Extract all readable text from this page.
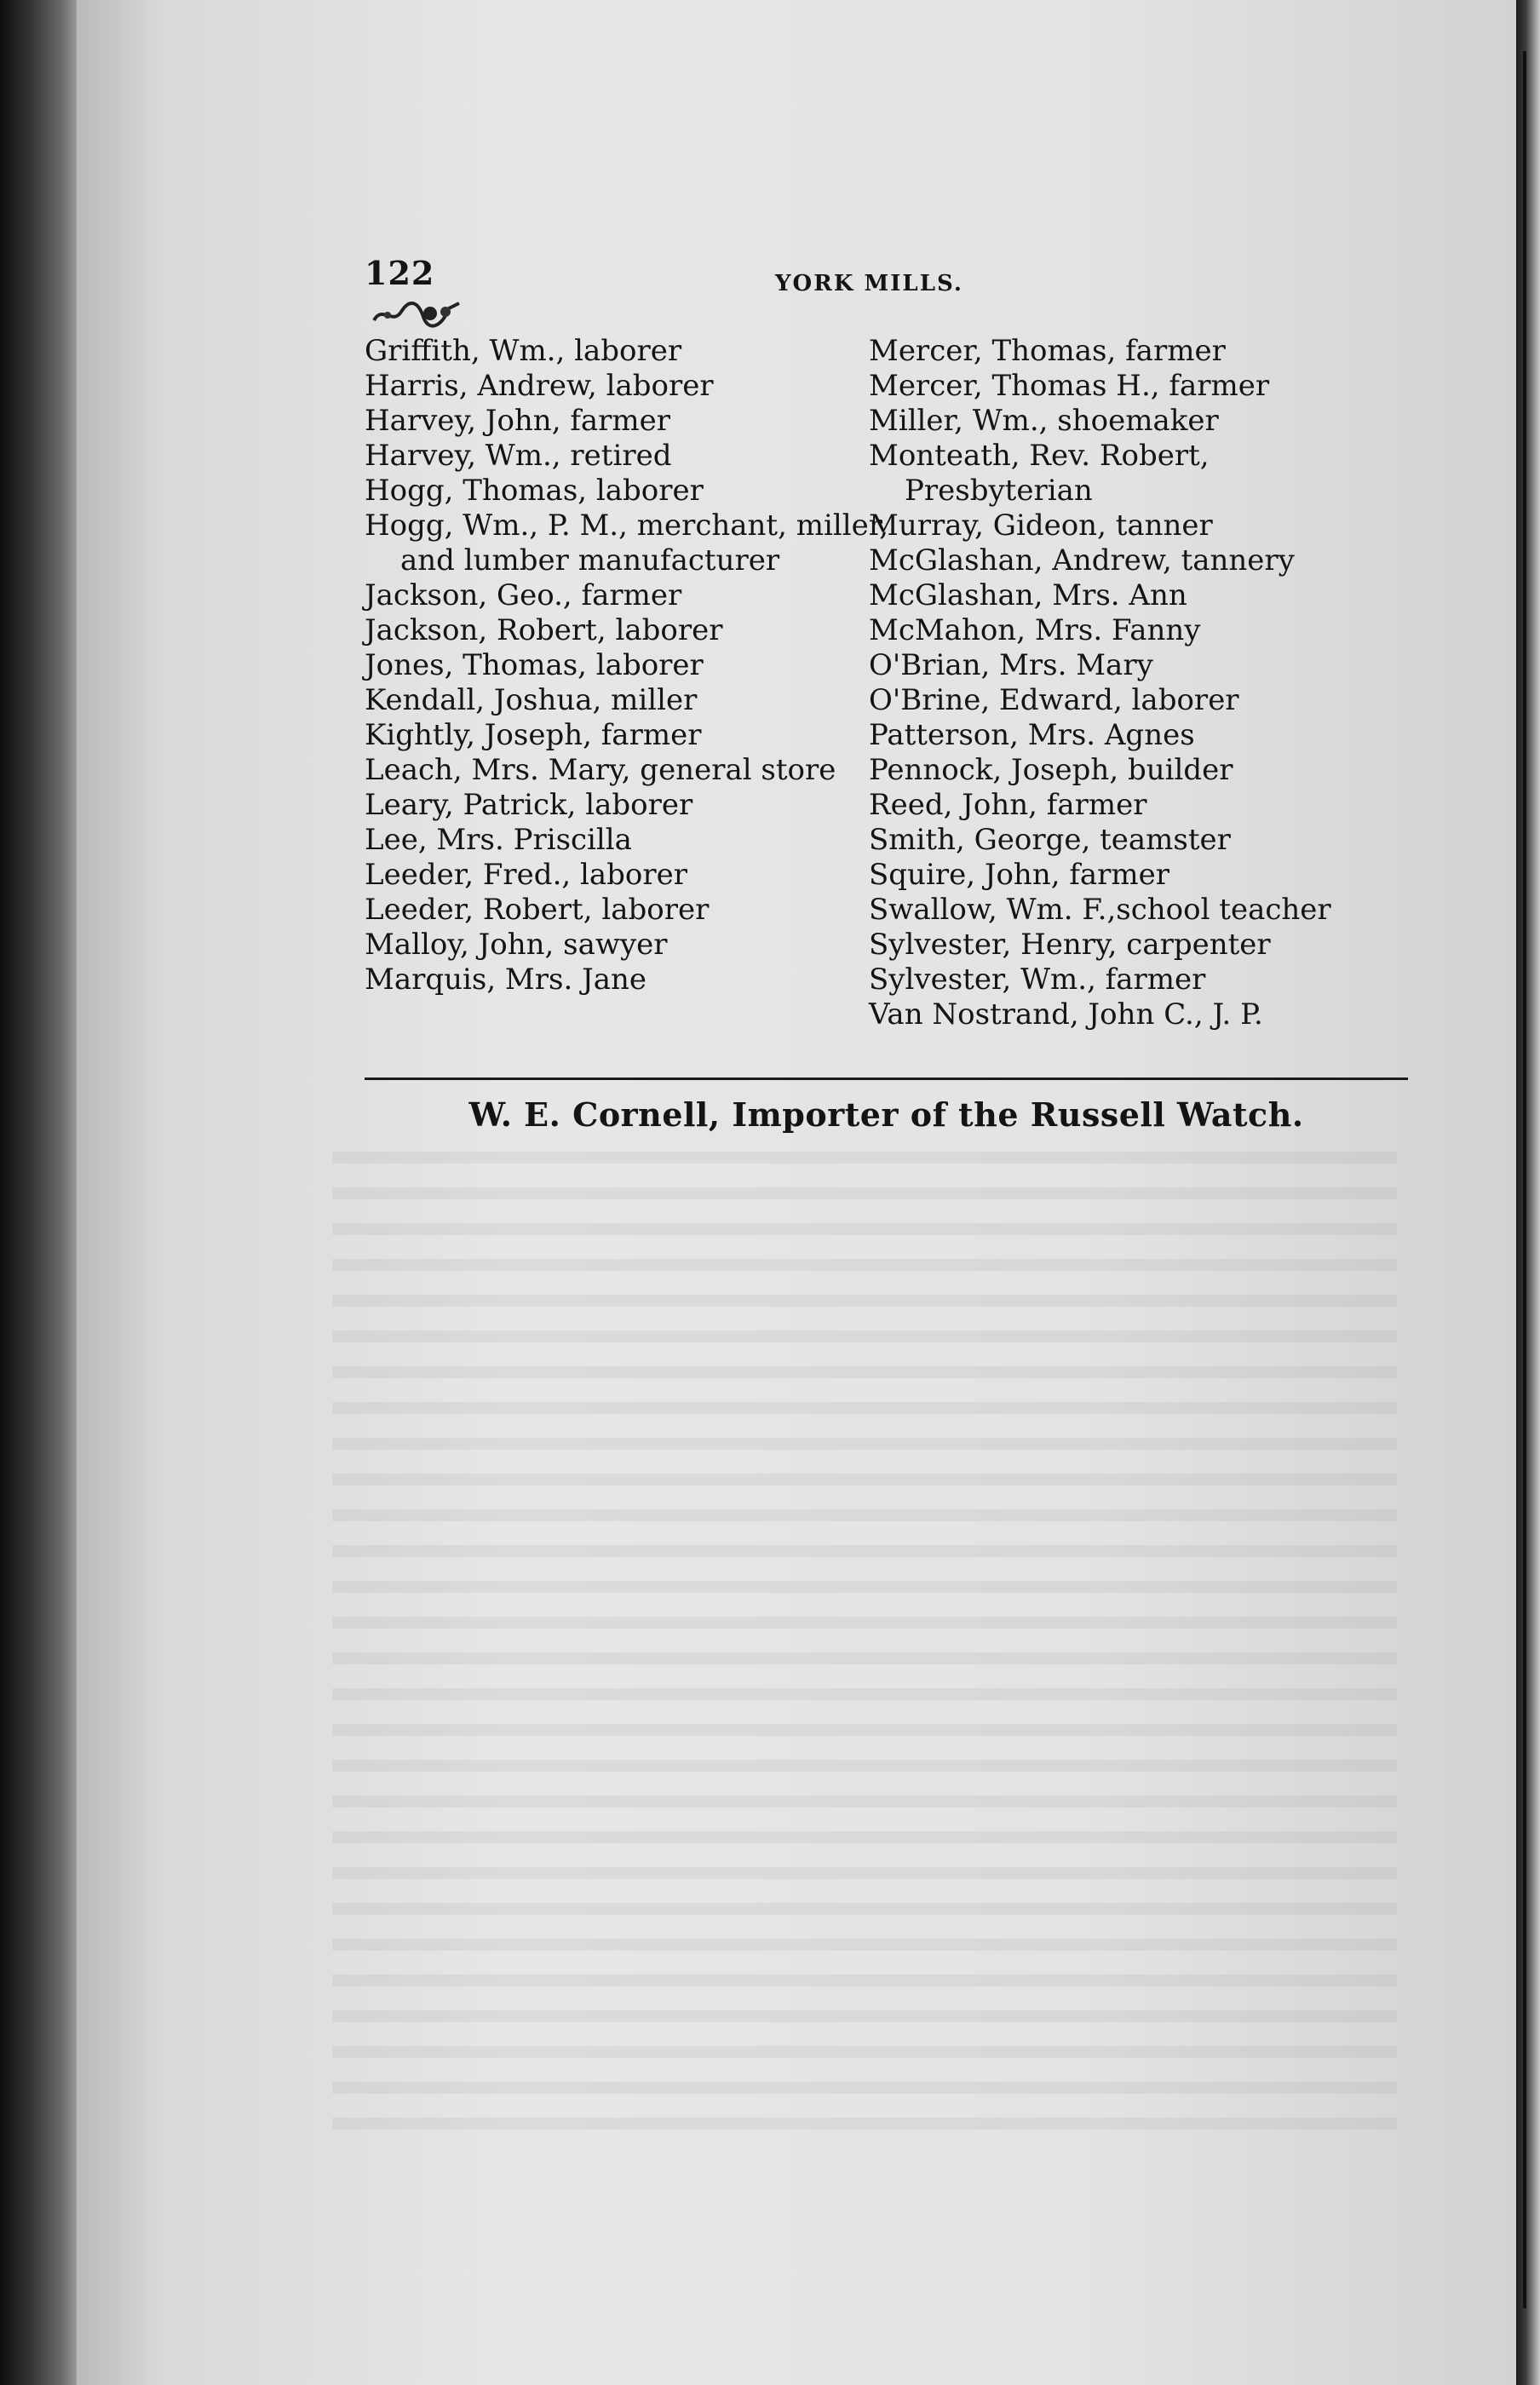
122	YORK MILLS.
Griffith, Wm., laborer
Harris, Andrew, laborer
Harvey, John, farmer
Harvey, Wm., retired
Hogg, Thomas, laborer
Hogg, Wm., P. M., merchant, miller, and lumber manufacturer
Jackson, Geo., farmer
Jackson, Robert, laborer
Jones, Thomas, laborer
Kendall, Joshua, miller
Kightly, Joseph, farmer
Leach, Mrs. Mary, general store
Leary, Patrick, laborer
Lee, Mrs. Priscilla
Leeder, Fred., laborer
Leeder, Robert, laborer
Malloy, John, sawyer
Marquis, Mrs. Jane
Mercer, Thomas, farmer
Mercer, Thomas H., farmer
Miller, Wm., shoemaker
Monteath, Rev. Robert, Presbyterian
Murray, Gideon, tanner
McGlashan, Andrew, tannery
McGlashan, Mrs. Ann
McMahon, Mrs. Fanny
O'Brian, Mrs. Mary
O'Brine, Edward, laborer
Patterson, Mrs. Agnes
Pennock, Joseph, builder
Reed, John, farmer
Smith, George, teamster
Squire, John, farmer
Swallow, Wm. F.,school teacher
Sylvester, Henry, carpenter
Sylvester, Wm., farmer
Van Nostrand, John C., J. P.
W. E. Cornell, Importer of the Russell Watch.
